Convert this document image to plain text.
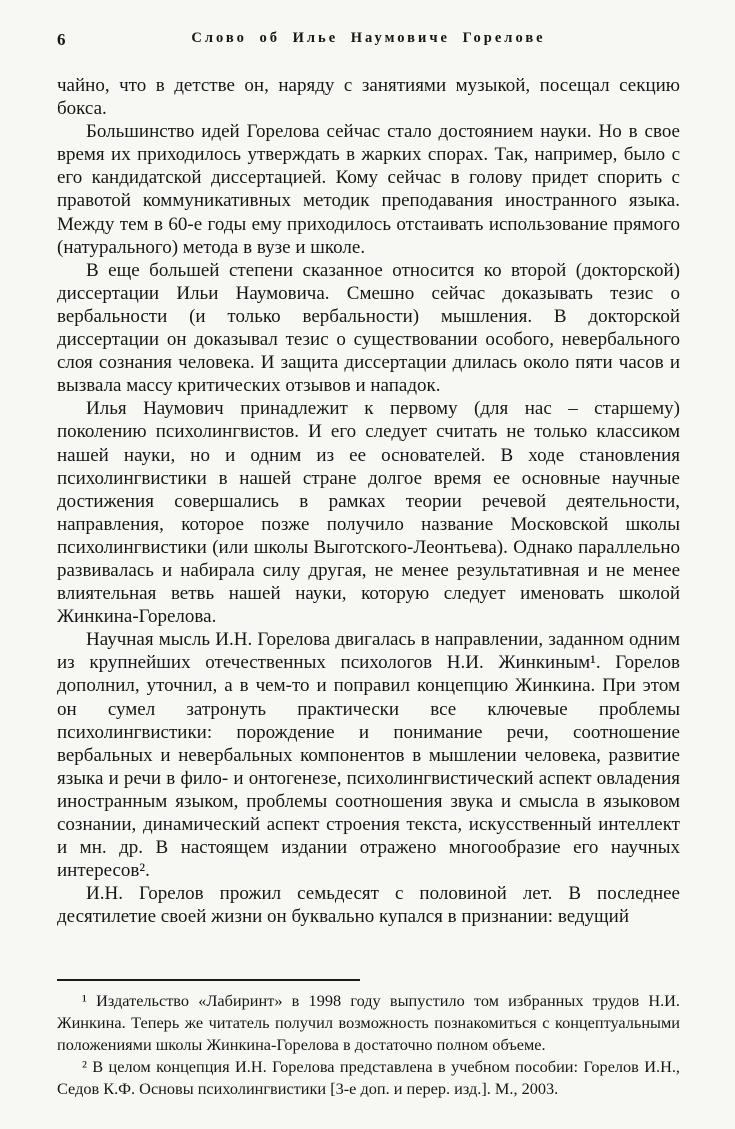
6	Слово об Илье Наумовиче Горелове

чайно, что в детстве он, наряду с занятиями музыкой, посещал секцию бокса.

Большинство идей Горелова сейчас стало достоянием науки. Но в свое время их приходилось утверждать в жарких спорах. Так, например, было с его кандидатской диссертацией. Кому сейчас в голову придет спорить с правотой коммуникативных методик преподавания иностранного языка. Между тем в 60-е годы ему приходилось отстаивать использование прямого (натурального) метода в вузе и школе.

В еще большей степени сказанное относится ко второй (докторской) диссертации Ильи Наумовича. Смешно сейчас доказывать тезис о вербальности (и только вербальности) мышления. В докторской диссертации он доказывал тезис о существовании особого, невербального слоя сознания человека. И защита диссертации длилась около пяти часов и вызвала массу критических отзывов и нападок.

Илья Наумович принадлежит к первому (для нас – старшему) поколению психолингвистов. И его следует считать не только классиком нашей науки, но и одним из ее основателей. В ходе становления психолингвистики в нашей стране долгое время ее основные научные достижения совершались в рамках теории речевой деятельности, направления, которое позже получило название Московской школы психолингвистики (или школы Выготского-Леонтьева). Однако параллельно развивалась и набирала силу другая, не менее результативная и не менее влиятельная ветвь нашей науки, которую следует именовать школой Жинкина-Горелова.

Научная мысль И.Н. Горелова двигалась в направлении, заданном одним из крупнейших отечественных психологов Н.И. Жинкиным¹. Горелов дополнил, уточнил, а в чем-то и поправил концепцию Жинкина. При этом он сумел затронуть практически все ключевые проблемы психолингвистики: порождение и понимание речи, соотношение вербальных и невербальных компонентов в мышлении человека, развитие языка и речи в фило- и онтогенезе, психолингвистический аспект овладения иностранным языком, проблемы соотношения звука и смысла в языковом сознании, динамический аспект строения текста, искусственный интеллект и мн. др. В настоящем издании отражено многообразие его научных интересов².

И.Н. Горелов прожил семьдесят с половиной лет. В последнее десятилетие своей жизни он буквально купался в признании: ведущий

¹ Издательство «Лабиринт» в 1998 году выпустило том избранных трудов Н.И. Жинкина. Теперь же читатель получил возможность познакомиться с концептуальными положениями школы Жинкина-Горелова в достаточно полном объеме.

² В целом концепция И.Н. Горелова представлена в учебном пособии: Горелов И.Н., Седов К.Ф. Основы психолингвистики [3-е доп. и перер. изд.]. М., 2003.
